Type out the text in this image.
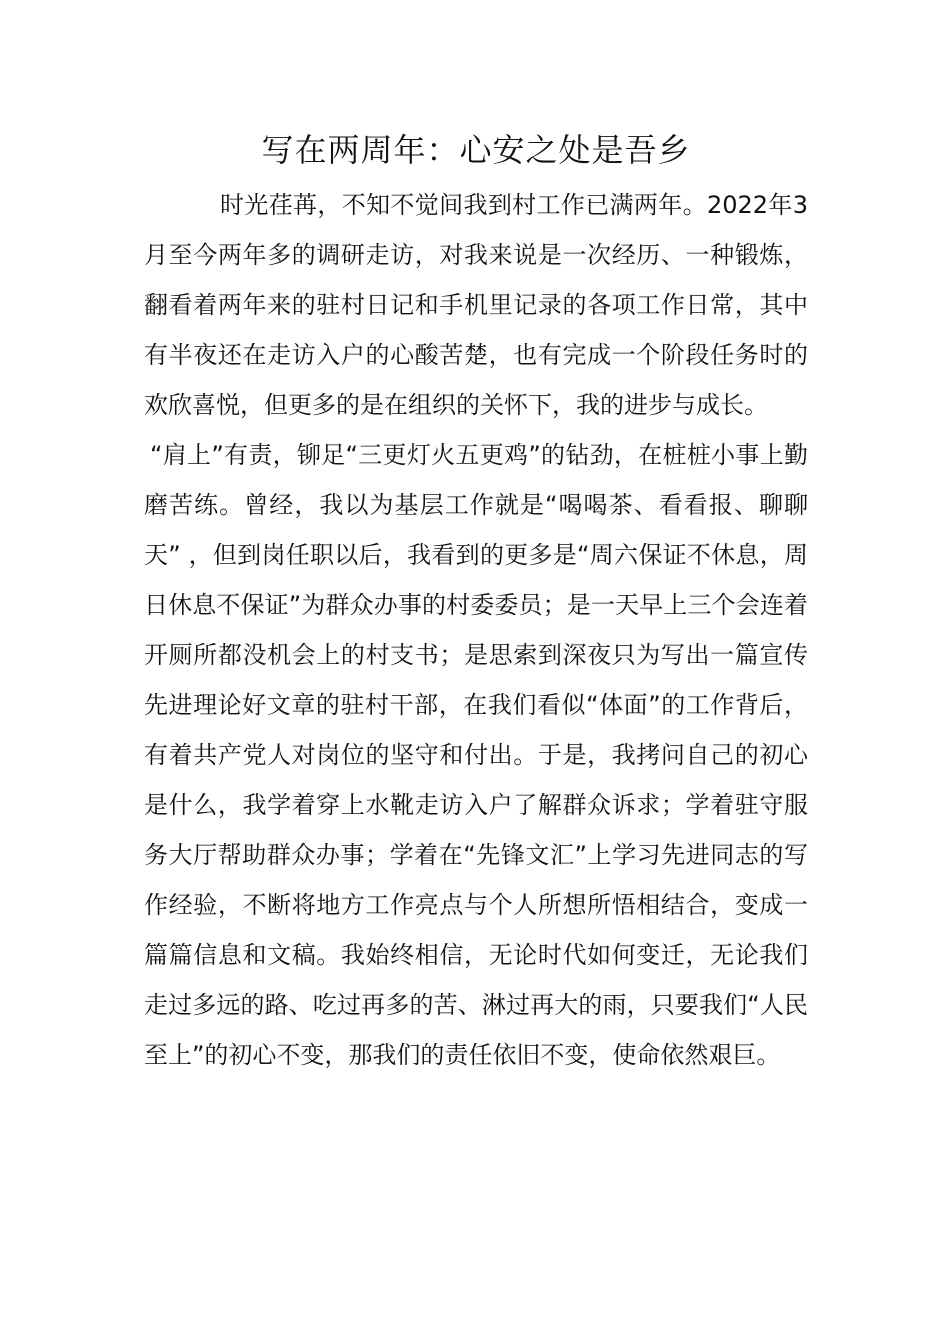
写在两周年：心安之处是吾乡

时光荏苒，不知不觉间我到村工作已满两年。2022年3月至今两年多的调研走访，对我来说是一次经历、一种锻炼，翻看着两年来的驻村日记和手机里记录的各项工作日常，其中有半夜还在走访入户的心酸苦楚，也有完成一个阶段任务时的欢欣喜悦，但更多的是在组织的关怀下，我的进步与成长。

“肩上”有责，铆足“三更灯火五更鸡”的钻劲，在桩桩小事上勤磨苦练。曾经，我以为基层工作就是“喝喝茶、看看报、聊聊天” ，但到岗任职以后，我看到的更多是“周六保证不休息，周日休息不保证”为群众办事的村委委员；是一天早上三个会连着开厕所都没机会上的村支书；是思索到深夜只为写出一篇宣传先进理论好文章的驻村干部，在我们看似“体面”的工作背后，有着共产党人对岗位的坚守和付出。于是，我拷问自己的初心是什么，我学着穿上水靴走访入户了解群众诉求；学着驻守服务大厅帮助群众办事；学着在“先锋文汇”上学习先进同志的写作经验，不断将地方工作亮点与个人所想所悟相结合，变成一篇篇信息和文稿。我始终相信，无论时代如何变迁，无论我们走过多远的路、吃过再多的苦、淋过再大的雨，只要我们“人民至上”的初心不变，那我们的责任依旧不变，使命依然艰巨。
